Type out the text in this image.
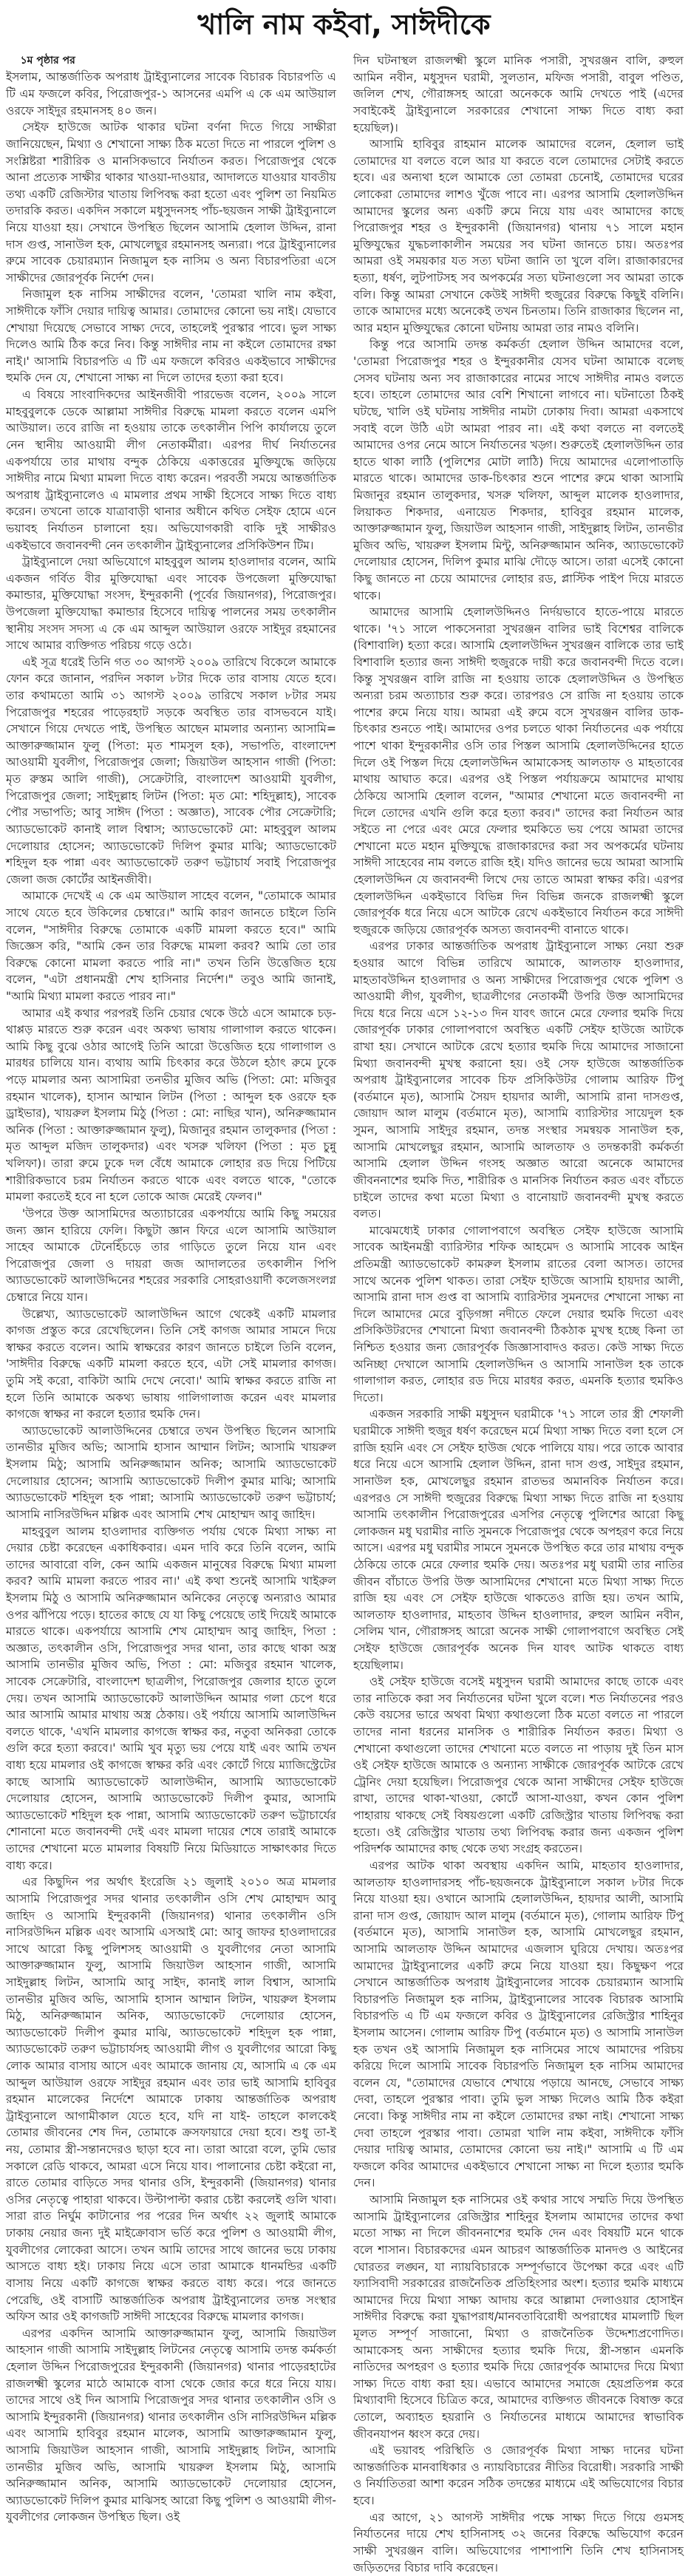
খালি নাম কইবা, সাঈদীকে

১ম পৃষ্ঠার পর

ইসলাম, আন্তর্জাতিক অপরাধ ট্রাইব্যুনালের সাবেক বিচারক বিচারপতি এ টি এম ফজলে কবির, পিরোজপুর-১ আসনের এমপি এ কে এম আউয়াল ওরফে সাইদুর রহমানসহ ৪০ জন।

সেইফ হাউজে আটক থাকার ঘটনা বর্ণনা দিতে গিয়ে সাক্ষীরা জানিয়েছেন, মিথ্যা ও শেখানো সাক্ষ্য ঠিক মতো দিতে না পারলে পুলিশ ও সংশ্লিষ্টরা শারীরিক ও মানসিকভাবে নির্যাতন করত। পিরোজপুর থেকে আনা প্রত্যেক সাক্ষীর থাকার খাওয়া-দাওয়ার, আদালতে যাওয়ার যাবতীয় তথ্য একটি রেজিস্টার খাতায় লিপিবদ্ধ করা হতো এবং পুলিশ তা নিয়মিত তদারকি করত। একদিন সকালে মধুসুদনসহ পাঁচ-ছয়জন সাক্ষী ট্রাইব্যুনালে নিয়ে যাওয়া হয়। সেখানে উপস্থিত ছিলেন আসামি হেলাল উদ্দিন, রানা দাস গুপ্ত, সানাউল হক, মোখলেছুর রহমানসহ অন্যরা। পরে ট্রাইব্যুনালের রুমে সাবেক চেয়ারম্যান নিজামুল হক নাসিম ও অন্য বিচারপতিরা এসে সাক্ষীদের জোরপূর্বক নির্দেশ দেন।

নিজামুল হক নাসিম সাক্ষীদের বলেন, 'তোমরা খালি নাম কইবা, সাঈদীকে ফাঁসি দেয়ার দায়িত্ব আমার। তোমাদের কোনো ভয় নাই। যেভাবে শেখায়া দিয়েছে সেভাবে সাক্ষ্য দেবে, তাহলেই পুরস্কার পাবে। ভুল সাক্ষ্য দিলেও আমি ঠিক করে নিব। কিন্তু সাঈদীর নাম না কইলে তোমাদের রক্ষা নাই।' আসামি বিচারপতি এ টি এম ফজলে কবিরও একইভাবে সাক্ষীদের হুমকি দেন যে, শেখানো সাক্ষ্য না দিলে তাদের হত্যা করা হবে।

এ বিষয়ে সাংবাদিকদের আইনজীবী পারভেজ বলেন, ২০০৯ সালে মাহবুবুলকে ডেকে আল্লামা সাঈদীর বিরুদ্ধে মামলা করতে বলেন এমপি আউয়াল। তবে রাজি না হওয়ায় তাকে তৎকালীন পিপি কার্যালয়ে তুলে নেন স্থানীয় আওয়ামী লীগ নেতাকর্মীরা। এরপর দীর্ঘ নির্যাতনের একপর্যায়ে তার মাথায় বন্দুক ঠেকিয়ে একাত্তরের মুক্তিযুদ্ধে জড়িয়ে সাঈদীর নামে মিথ্যা মামলা দিতে বাধ্য করেন। পরবর্তী সময়ে আন্তর্জাতিক অপরাধ ট্রাইব্যুনালেও এ মামলার প্রথম সাক্ষী হিসেবে সাক্ষ্য দিতে বাধ্য করেন। তখনো তাকে যাত্রাবাড়ী থানার অধীনে কথিত সেইফ হোমে এনে ভয়াবহ নির্যাতন চালানো হয়। অভিযোগকারী বাকি দুই সাক্ষীরও একইভাবে জবানবন্দী নেন তৎকালীন ট্রাইব্যুনালের প্রসিকিউশন টিম।

ট্রাইব্যুনালে দেয়া অভিযোগে মাহবুবুল আলম হাওলাদার বলেন, আমি একজন গর্বিত বীর মুক্তিযোদ্ধা এবং সাবেক উপজেলা মুক্তিযোদ্ধা কমান্ডার, মুক্তিযোদ্ধা সংসদ, ইন্দুরকানী (পূর্বের জিয়ানগর), পিরোজপুর। উপজেলা মুক্তিযোদ্ধা কমান্ডার হিসেবে দায়িত্ব পালনের সময় তৎকালীন স্থানীয় সংসদ সদস্য এ কে এম আব্দুল আউয়াল ওরফে সাইদুর রহমানের সাথে আমার ব্যক্তিগত পরিচয় গড়ে ওঠে।

এই সূত্র ধরেই তিনি গত ৩০ আগস্ট ২০০৯ তারিখে বিকেলে আমাকে ফোন করে জানান, পরদিন সকাল ৮টার দিকে তার বাসায় যেতে হবে। তার কথামতো আমি ৩১ আগস্ট ২০০৯ তারিখে সকাল ৮টার সময় পিরোজপুর শহরের পাড়েরহাট সড়কে অবস্থিত তার বাসভবনে যাই। সেখানে গিয়ে দেখতে পাই, উপস্থিত আছেন মামলার অন্যান্য আসামি= আক্তারুজ্জামান ফুলু (পিতা: মৃত শামসুল হক), সভাপতি, বাংলাদেশ আওয়ামী যুবলীগ, পিরোজপুর জেলা; জিয়াউল আহসান গাজী (পিতা: মৃত রুস্তম আলি গাজী), সেক্রেটারি, বাংলাদেশ আওয়ামী যুবলীগ, পিরোজপুর জেলা; সাইদুল্লাহ লিটন (পিতা: মৃত মো: শহিদুল্লাহ), সাবেক পৌর সভাপতি; আবু সাঈদ (পিতা : অজ্ঞাত), সাবেক পৌর সেক্রেটারি; অ্যাডভোকেট কানাই লাল বিশ্বাস; অ্যাডভোকেট মো: মাহবুবুল আলম দেলোয়ার হোসেন; অ্যাডভোকেট দিলিপ কুমার মাঝি; অ্যাডভোকেট শহিদুল হক পান্না এবং অ্যাডভোকেট তরুণ ভট্টাচার্য সবাই পিরোজপুর জেলা জজ কোর্টের আইনজীবী।

আমাকে দেখেই এ কে এম আউয়াল সাহেব বলেন, "তোমাকে আমার সাথে যেতে হবে উকিলের চেম্বারে।" আমি কারণ জানতে চাইলে তিনি বলেন, "সাঈদীর বিরুদ্ধে তোমাকে একটি মামলা করতে হবে।" আমি জিজ্ঞেস করি, "আমি কেন তার বিরুদ্ধে মামলা করব? আমি তো তার বিরুদ্ধে কোনো মামলা করতে পারি না।" তখন তিনি উত্তেজিত হয়ে বলেন, "এটা প্রধানমন্ত্রী শেখ হাসিনার নির্দেশ।" তবুও আমি জানাই, "আমি মিথ্যা মামলা করতে পারব না।"

আমার এই কথার পরপরই তিনি চেয়ার থেকে উঠে এসে আমাকে চড়-থাপ্পড় মারতে শুরু করেন এবং অকথ্য ভাষায় গালাগাল করতে থাকেন। আমি কিছু বুঝে ওঠার আগেই তিনি আরো উত্তেজিত হয়ে গালাগাল ও মারধর চালিয়ে যান। ব্যথায় আমি চিৎকার করে উঠলে হঠাৎ রুমে ঢুকে পড়ে মামলার অন্য আসামিরা তনভীর মুজিব অভি (পিতা: মো: মজিবুর রহমান খালেক), হাসান আম্মান লিটন (পিতা : আব্দুল হক ওরফে হক ড্রাইভার), খায়রুল ইসলাম মিঠু (পিতা : মো: নাছির খান), অনিরুজ্জামান অনিক (পিতা : আক্তারুজ্জামান ফুলু), মিজানুর রহমান তালুকদার (পিতা : মৃত আব্দুল মজিদ তালুকদার) এবং খসরু খলিফা (পিতা : মৃত চুন্নু খলিফা)। তারা রুমে ঢুকে দল বেঁধে আমাকে লোহার রড দিয়ে পিটিয়ে শারীরিকভাবে চরম নির্যাতন করতে থাকে এবং বলতে থাকে, "তোকে মামলা করতেই হবে না হলে তোকে আজ মেরেই ফেলব।"

'উপরে উক্ত আসামিদের অত্যাচারের একপর্যায়ে আমি কিছু সময়ের জন্য জ্ঞান হারিয়ে ফেলি। কিছুটা জ্ঞান ফিরে এলে আসামি আউয়াল সাহেব আমাকে টেনেহিঁচড়ে তার গাড়িতে তুলে নিয়ে যান এবং পিরোজপুর জেলা ও দায়রা জজ আদালতের তৎকালীন পিপি অ্যাডভোকেট আলাউদ্দিনের শহরের সরকারি সোহরাওয়ার্দী কলেজসংলগ্ন চেম্বারে নিয়ে যান।

উল্লেখ্য, অ্যাডভোকেট আলাউদ্দিন আগে থেকেই একটি মামলার কাগজ প্রস্তুত করে রেখেছিলেন। তিনি সেই কাগজ আমার সামনে দিয়ে স্বাক্ষর করতে বলেন। আমি স্বাক্ষরের কারণ জানতে চাইলে তিনি বলেন, 'সাঈদীর বিরুদ্ধে একটি মামলা করতে হবে, এটা সেই মামলার কাগজ। তুমি সই করো, বাকিটা আমি দেখে নেবো।' আমি স্বাক্ষর করতে রাজি না হলে তিনি আমাকে অকথ্য ভাষায় গালিগালাজ করেন এবং মামলার কাগজে স্বাক্ষর না করলে হত্যার হুমকি দেন।

অ্যাডভোকেট আলাউদ্দিনের চেম্বারে তখন উপস্থিত ছিলেন আসামি তানভীর মুজিব অভি; আসামি হাসান আম্মান লিটন; আসামি খায়রুল ইসলাম মিঠু; আসামি অনিরুজ্জামান অনিক; আসামি অ্যাডভোকেট দেলোয়ার হোসেন; আসামি অ্যাডভোকেট দিলীপ কুমার মাঝি; আসামি অ্যাডভোকেট শহিদুল হক পান্না; আসামি অ্যাডভোকেট তরুণ ভট্টাচার্য; আসামি নাসিরউদ্দিন মল্লিক এবং আসামি শেখ মোহাম্মদ আবু জাহিদ।

মাহবুবুল আলম হাওলাদার ব্যক্তিগত পর্যায় থেকে মিথ্যা সাক্ষ্য না দেয়ার চেষ্টা করেছেন একাধিকবার। এমন দাবি করে তিনি বলেন, আমি তাদের আবারো বলি, কেন আমি একজন মানুষের বিরুদ্ধে মিথ্যা মামলা করব? আমি মামলা করতে পারব না।' এই কথা শুনেই আসামি খাইরুল ইসলাম মিঠু ও আসামি অনিরুজ্জামান অনিকের নেতৃত্বে অন্যরাও আমার ওপর ঝাঁপিয়ে পড়ে। হাতের কাছে যে যা কিছু পেয়েছে তাই দিয়েই আমাকে মারতে থাকে। একপর্যায়ে আসামি শেখ মোহাম্মদ আবু জাহিদ, পিতা : অজ্ঞাত, তৎকালীন ওসি, পিরোজপুর সদর থানা, তার কাছে থাকা অস্ত্র আসামি তানভীর মুজিব অভি, পিতা : মো: মজিবুর রহমান খালেক, সাবেক সেক্রেটারি, বাংলাদেশ ছাত্রলীগ, পিরোজপুর জেলার হাতে তুলে দেয়। তখন আসামি অ্যাডভোকেট আলাউদ্দিন আমার গলা চেপে ধরে আর আসামি আমার মাথায় অস্ত্র ঠেকায়। ওই পর্যায়ে আসামি আলাউদ্দিন বলতে থাকে, 'এখনি মামলার কাগজে স্বাক্ষর কর, নতুবা অনিকরা তোকে গুলি করে হত্যা করবে।' আমি খুব মৃত্যু ভয় পেয়ে যাই এবং আমি তখন বাধ্য হয়ে মামলার ওই কাগজে স্বাক্ষর করি এবং কোর্টে গিয়ে ম্যাজিস্ট্রেটের কাছে আসামি অ্যাডভোকেট আলাউদ্দীন, আসামি অ্যাডভোকেট দেলোয়ার হোসেন, আসামি অ্যাডভোকেট দিলীপ কুমার, আসামি অ্যাডভোকেট শহিদুল হক পান্না, আসামি অ্যাডভোকেট তরুণ ভট্টাচার্যের শোনানো মতে জবানবন্দী দেই এবং মামলা দায়ের শেষে তারাই আমাকে তাদের শেখানো মতে মামলার বিষয়টি নিয়ে মিডিয়াতে সাক্ষাৎকার দিতে বাধ্য করে।

এর কিছুদিন পর অর্থাৎ ইংরেজি ২১ জুলাই ২০১০ অত্র মামলার আসামি পিরোজপুর সদর থানার তৎকালীন ওসি শেখ মোহাম্মদ আবু জাহিদ ও আসামি ইন্দুরকানী (জিয়ানগর) থানার তৎকালীন ওসি নাসিরউদ্দিন মল্লিক এবং আসামি এসআই মো: আবু জাফর হাওলাদারের সাথে আরো কিছু পুলিশসহ আওয়ামী ও যুবলীগের নেতা আসামি আক্তারুজ্জামান ফুলু, আসামি জিয়াউল আহসান গাজী, আসামি সাইদুল্লাহ লিটন, আসামি আবু সাইদ, কানাই লাল বিশ্বাস, আসামি তানভীর মুজিব অভি, আসামি হাসান আম্মান লিটন, খায়রুল ইসলাম মিঠু, অনিরুজ্জামান অনিক, অ্যাডভোকেট দেলোয়ার হোসেন, অ্যাডভোকেট দিলীপ কুমার মাঝি, অ্যাডভোকেট শহিদুল হক পান্না, অ্যাডভোকেট তরুণ ভট্টাচার্যসহ আওয়ামী লীগ ও যুবলীগের আরো কিছু লোক আমার বাসায় আসে এবং আমাকে জানায় যে, আসামি এ কে এম আব্দুল আউয়াল ওরফে সাইদুর রহমান এবং তার ভাই আসামি হাবিবুর রহমান মালেকের নির্দেশে আমাকে ঢাকায় আন্তর্জাতিক অপরাধ ট্রাইব্যুনালে আগামীকাল যেতে হবে, যদি না যাই- তাহলে কালকেই তোমার জীবনের শেষ দিন, তোমাকে ক্রসফায়ারে দেয়া হবে। শুধু তা-ই নয়, তোমার স্ত্রী-সন্তানদেরও ছাড়া হবে না। তারা আরো বলে, তুমি ভোর সকালে রেডি থাকবে, আমরা এসে নিয়ে যাব। পালানোর চেষ্টা কইরো না, রাতে তোমার বাড়িতে সদর থানার ওসি, ইন্দুরকানী (জিয়ানগর) থানার ওসির নেতৃত্বে পাহারা থাকবে। উল্টাপাল্টা করার চেষ্টা করলেই গুলি খাবা। সারা রাত নির্ঘুম কাটানোর পর পরের দিন অর্থাৎ ২২ জুলাই আমাকে ঢাকায় নেয়ার জন্য দুই মাইক্রোবাস ভর্তি করে পুলিশ ও আওয়ামী লীগ, যুবলীগের লোকেরা আসে। তখন আমি তাদের সাথে জানের ভয়ে ঢাকায় আসতে বাধ্য হই। ঢাকায় নিয়ে এসে তারা আমাকে ধানমন্ডির একটি বাসায় নিয়ে একটি কাগজে স্বাক্ষর করতে বাধ্য করে। পরে জানতে পেরেছি, ওই বাসাটি আন্তর্জাতিক অপরাধ ট্রাইব্যুনালের তদন্ত সংস্থার অফিস আর ওই কাগজটি সাঈদী সাহেবের বিরুদ্ধে মামলার কাগজ।

এরপর একদিন আসামি আক্তারুজ্জামান ফুলু, আসামি জিয়াউল আহসান গাজী আসামি সাইদুল্লাহ লিটনের নেতৃত্বে আসামি তদন্ত কর্মকর্তা হেলাল উদ্দিন পিরোজপুরের ইন্দুরকানী (জিয়ানগর) থানার পাড়েরহাটের রাজলক্ষ্মী স্কুলের মাঠে আমাকে বাসা থেকে জোর করে ধরে নিয়ে যায়। তাদের সাথে ওই দিন আসামি পিরোজপুর সদর থানার তৎকালীন ওসি ও আসামি ইন্দুরকানী (জিয়ানগর) থানার তৎকালীন ওসি নাসিরউদ্দিন মল্লিক এবং আসামি হাবিবুর রহমান মালেক, আসামি আক্তারুজ্জামান ফুলু, আসামি জিয়াউল আহসান গাজী, আসামি সাইদুল্লাহ লিটন, আসামি তানভীর মুজিব অভি, আসামি খায়রুল ইসলাম মিঠু, আসামি অনিরুজ্জামান অনিক, আসামি অ্যাডভোকেট দেলোয়ার হোসেন, অ্যাডভোকেট দিলিপ কুমার মাঝিসহ আরো কিছু পুলিশ ও আওয়ামী লীগ-যুবলীগের লোকজন উপস্থিত ছিল। ওই

দিন ঘটনাস্থল রাজলক্ষ্মী স্কুলে মানিক পসারী, সুখরঞ্জন বালি, রুহুল আমিন নবীন, মধুসুদন ঘরামী, সুলতান, মফিজ পসারী, বাবুল পণ্ডিত, জলিল শেখ, গৌরাঙ্গসহ আরো অনেককে আমি দেখতে পাই (এদের সবাইকেই ট্রাইব্যুনালে সরকারের শেখানো সাক্ষ্য দিতে বাধ্য করা হয়েছিল)।

আসামি হাবিবুর রাহমান মালেক আমাদের বলেন, হেলাল ভাই তোমাদের যা বলতে বলে আর যা করতে বলে তোমাদের সেটাই করতে হবে। এর অন্যথা হলে আমাকে তো তোমরা চেনোই, তোমাদের ঘরের লোকেরা তোমাদের লাশও খুঁজে পাবে না। এরপর আসামি হেলালউদ্দিন আমাদের স্কুলের অন্য একটি রুমে নিয়ে যায় এবং আমাদের কাছে পিরোজপুর শহর ও ইন্দুরকানী (জিয়ানগর) থানায় ৭১ সালে মহান মুক্তিযুদ্ধের যুদ্ধচলাকালীন সময়ের সব ঘটনা জানতে চায়। অতঃপর আমরা ওই সময়কার যত সত্য ঘটনা জানি তা খুলে বলি। রাজাকারদের হত্যা, ধর্ষণ, লুটপাটসহ সব অপকর্মের সত্য ঘটনাগুলো সব আমরা তাকে বলি। কিন্তু আমরা সেখানে কেউই সাঈদী হুজুরের বিরুদ্ধে কিছুই বলিনি। তাকে আমাদের মধ্যে অনেকেই তখন চিনতাম। তিনি রাজাকার ছিলেন না, আর মহান মুক্তিযুদ্ধের কোনো ঘটনায় আমরা তার নামও বলিনি।

কিন্তু পরে আসামি তদন্ত কর্মকর্তা হেলাল উদ্দিন আমাদের বলে, 'তোমরা পিরোজপুর শহর ও ইন্দুরকানীর যেসব ঘটনা আমাকে বলেছ সেসব ঘটনায় অন্য সব রাজাকারের নামের সাথে সাঈদীর নামও বলতে হবে। তাহলে তোমাদের আর বেশি শিখানো লাগবে না। ঘটনাতো ঠিকই ঘটছে, খালি ওই ঘটনায় সাঈদীর নামটা ঢোকায় দিবা। আমরা একসাথে সবাই বলে উঠি এটা আমরা পারব না। এই কথা বলতে না বলতেই আমাদের ওপর নেমে আসে নির্যাতনের খড়্গ। শুরুতেই হেলালউদ্দিন তার হাতে থাকা লাঠি (পুলিশের মোটা লাঠি) দিয়ে আমাদের এলোপাতাড়ি মারতে থাকে। আমাদের ডাক-চিৎকার শুনে পাশের রুমে থাকা আসামি মিজানুর রহমান তালুকদার, খসরু খলিফা, আব্দুল মালেক হাওলাদার, লিয়াকত শিকদার, এনায়েত শিকদার, হাবিবুর রহমান মালেক, আক্তারুজ্জামান ফুলু, জিয়াউল আহসান গাজী, সাইদুল্লাহ লিটন, তানভীর মুজিব অভি, খায়রুল ইসলাম মিন্টু, অনিরুজ্জামান অনিক, অ্যাডভোকেট দেলোয়ার হোসেন, দিলিপ কুমার মাঝি দৌড়ে আসে। তারা এসেই কোনো কিছু জানতে না চেয়ে আমাদের লোহার রড, প্লাস্টিক পাইপ দিয়ে মারতে থাকে।

আমাদের আসামি হেলালউদ্দিনও নির্দয়ভাবে হাতে-পায়ে মারতে থাকে। '৭১ সালে পাকসেনারা সুখরঞ্জন বালির ভাই বিশেশ্বর বালিকে (বিশাবালি) হত্যা করে। আসামি হেলালউদ্দিন সুখরঞ্জন বালিকে তার ভাই বিশাবালি হত্যার জন্য সাঈদী হুজুরকে দায়ী করে জবানবন্দী দিতে বলে। কিন্তু সুখরঞ্জন বালি রাজি না হওয়ায় তাকে হেলালউদ্দিন ও উপস্থিত অন্যরা চরম অত্যাচার শুরু করে। তারপরও সে রাজি না হওয়ায় তাকে পাশের রুমে নিয়ে যায়। আমরা এই রুমে বসে সুখরঞ্জন বালির ডাক-চিৎকার শুনতে পাই। আমাদের ওপর চলতে থাকা নির্যাতনের এক পর্যায়ে পাশে থাকা ইন্দুরকানীর ওসি তার পিস্তল আসামি হেলালউদ্দিনের হাতে দিলে ওই পিস্তল দিয়ে হেলালউদ্দিন আমাকেসহ আলতাফ ও মাহতাবের মাথায় আঘাত করে। এরপর ওই পিস্তল পর্যায়ক্রমে আমাদের মাথায় ঠেকিয়ে আসামি হেলাল বলেন, "আমার শেখানো মতে জবানবন্দী না দিলে তোদের এখনি গুলি করে হত্যা করব।" তাদের করা নির্যাতন আর সইতে না পেরে এবং মেরে ফেলার হুমকিতে ভয় পেয়ে আমরা তাদের শেখানো মতে মহান মুক্তিযুদ্ধে রাজাকারদের করা সব অপকর্মের ঘটনায় সাঈদী সাহেবের নাম বলতে রাজি হই। যদিও জানের ভয়ে আমরা আসামি হেলালউদ্দিন যে জবানবন্দী লিখে দেয় তাতে আমরা স্বাক্ষর করি। এরপর হেলালউদ্দিন একইভাবে বিভিন্ন দিন বিভিন্ন জনকে রাজলক্ষ্মী স্কুলে জোরপূর্বক ধরে নিয়ে এসে আটকে রেখে একইভাবে নির্যাতন করে সাঈদী হুজুরকে জড়িয়ে জোরপূর্বক অসত্য জবানবন্দী বানাতে থাকে।

এরপর ঢাকার আন্তর্জাতিক অপরাধ ট্রাইব্যুনালে সাক্ষ্য নেয়া শুরু হওয়ার আগে বিভিন্ন তারিখে আমাকে, আলতাফ হাওলাদার, মাহতাবউদ্দিন হাওলাদার ও অন্য সাক্ষীদের পিরোজপুর থেকে পুলিশ ও আওয়ামী লীগ, যুবলীগ, ছাত্রলীগের নেতাকর্মী উপরি উক্ত আসামিদের দিয়ে ধরে নিয়ে এসে ১২-১৩ দিন যাবৎ জানে মেরে ফেলার হুমকি দিয়ে জোরপূর্বক ঢাকার গোলাপবাগে অবস্থিত একটি সেইফ হাউজে আটকে রাখা হয়। সেখানে আটকে রেখে হত্যার হুমকি দিয়ে আমাদের সাজানো মিথ্যা জবানবন্দী মুখস্থ করানো হয়। ওই সেফ হাউজে আন্তর্জাতিক অপরাধ ট্রাইব্যুনালের সাবেক চিফ প্রসিকিউটর গোলাম আরিফ টিপু (বর্তমানে মৃত), আসামি সৈয়দ হায়দার আলী, আসামি রানা দাসগুপ্ত, জোয়াদ আল মালুম (বর্তমানে মৃত), আসামি ব্যারিস্টার সায়েদুল হক সুমন, আসামি সাইদুর রহমান, তদন্ত সংস্থার সমন্বয়ক সানাউল হক, আসামি মোখলেছুর রহমান, আসামি আলতাফ ও তদন্তকারী কর্মকর্তা আসামি হেলাল উদ্দিন গংসহ অজ্ঞাত আরো অনেকে আমাদের জীবননাশের হুমকি দিত, শারীরিক ও মানসিক নির্যাতন করত এবং বাঁচতে চাইলে তাদের কথা মতো মিথ্যা ও বানোয়াট জবানবন্দী মুখস্থ করতে বলত।

মাঝেমধ্যেই ঢাকার গোলাপবাগে অবস্থিত সেইফ হাউজে আসামি সাবেক আইনমন্ত্রী ব্যারিস্টার শফিক আহমেদ ও আসামি সাবেক আইন প্রতিমন্ত্রী অ্যাডভোকেট কামরুল ইসলাম রাতের বেলা আসত। তাদের সাথে অনেক পুলিশ থাকত। তারা সেইফ হাউজে আসামি হায়দার আলী, আসামি রানা দাস গুপ্ত বা আসামি ব্যারিস্টার সুমনদের শেখানো সাক্ষ্য না দিলে আমাদের মেরে বুড়িগঙ্গা নদীতে ফেলে দেয়ার হুমকি দিতো এবং প্রসিকিউটরদের শেখানো মিথ্যা জবানবন্দী ঠিকঠাক মুখস্থ হচ্ছে কিনা তা নিশ্চিত হওয়ার জন্য জোরপূর্বক জিজ্ঞাসাবাদও করত। কেউ সাক্ষ্য দিতে অনিচ্ছা দেখালে আসামি হেলালউদ্দিন ও আসামি সানাউল হক তাকে গালাগাল করত, লোহার রড দিয়ে মারধর করত, এমনকি হত্যার হুমকিও দিতো।

একজন সরকারি সাক্ষী মধুসুদন ঘরামীকে '৭১ সালে তার স্ত্রী শেফালী ঘরামীকে সাঈদী হুজুর ধর্ষণ করেছেন মর্মে মিথ্যা সাক্ষ্য দিতে বলা হলে সে রাজি হয়নি এবং সে সেইফ হাউজ থেকে পালিয়ে যায়। পরে তাকে আবার ধরে নিয়ে এসে আসামি হেলাল উদ্দিন, রানা দাস গুপ্ত, সাইদুর রহমান, সানাউল হক, মোখলেছুর রহমান রাতভর অমানবিক নির্যাতন করে। এরপরও সে সাঈদী হুজুরের বিরুদ্ধে মিথ্যা সাক্ষ্য দিতে রাজি না হওয়ায় আসামি তৎকালীন পিরোজপুরের এসপির নেতৃত্বে পুলিশের আরো কিছু লোকজন মধু ঘরামীর নাতি সুমনকে পিরোজপুর থেকে অপহরণ করে নিয়ে আসে। এরপর মধু ঘরামীর সামনে সুমনকে উপস্থিত করে তার মাথায় বন্দুক ঠেকিয়ে তাকে মেরে ফেলার হুমকি দেয়। অতঃপর মধু ঘরামী তার নাতির জীবন বাঁচাতে উপরি উক্ত আসামিদের শেখানো মতে মিথ্যা সাক্ষ্য দিতে রাজি হয় এবং সে সেইফ হাউজে থাকতেও রাজি হয়। তখন আমি, আলতাফ হাওলাদার, মাহতাব উদ্দিন হাওলাদার, রুহুল আমিন নবীন, সেলিম খান, গৌরাঙ্গসহ আরো অনেক সাক্ষী গোলাপবাগে অবস্থিত সেই সেইফ হাউজে জোরপূর্বক অনেক দিন যাবৎ আটক থাকতে বাধ্য হয়েছিলাম।

ওই সেইফ হাউজে বসেই মধুসুদন ঘরামী আমাদের কাছে তাকে এবং তার নাতিকে করা সব নির্যাতনের ঘটনা খুলে বলে। শত নির্যাতনের পরও কেউ বয়সের ভারে অথবা মিথ্যা কথাগুলো ঠিক মতো বলতে না পারলে তাদের নানা ধরনের মানসিক ও শারীরিক নির্যাতন করত। মিথ্যা ও শেখানো কথাগুলো তাদের শেখানো মতে বলতে না পাড়ায় দুই তিন মাস ওই সেইফ হাউজে আমাকে ও অন্যান্য সাক্ষীকে জোরপূর্বক আটকে রেখে ট্রেনিং দেয়া হয়েছিল। পিরোজপুর থেকে আনা সাক্ষীদের সেইফ হাউজে রাখা, তাদের থাকা-খাওয়া, কোর্টে আসা-যাওয়া, কখন কোন পুলিশ পাহারায় থাকছে সেই বিষয়গুলো একটি রেজিস্ট্রার খাতায় লিপিবদ্ধ করা হতো। ওই রেজিস্ট্রার খাতায় তথ্য লিপিবদ্ধ করার জন্য একজন পুলিশ পরিদর্শক আমাদের কাছ থেকে তথ্য সংগ্রহ করতেন।

এরপর আটক থাকা অবস্থায় একদিন আমি, মাহতাব হাওলাদার, আলতাফ হাওলাদারসহ পাঁচ-ছয়জনকে ট্রাইব্যুনালে সকাল ৮টার দিকে নিয়ে যাওয়া হয়। ওখানে আসামি হেলালউদ্দিন, হায়দার আলী, আসামি রানা দাস গুপ্ত, জোয়াদ আল মালুম (বর্তমানে মৃত), গোলাম আরিফ টিপু (বর্তমানে মৃত), আসামি সানাউল হক, আসামি মোখলেছুর রহমান, আসামি আলতাফ উদ্দিন আমাদের এজলাস ঘুরিয়ে দেখায়। অতঃপর আমাদের ট্রাইব্যুনালের একটি রুমে নিয়ে যাওয়া হয়। কিছুক্ষণ পরে সেখানে আন্তর্জাতিক অপরাধ ট্রাইব্যুনালের সাবেক চেয়ারম্যান আসামি বিচারপতি নিজামুল হক নাসিম, ট্রাইব্যুনালের সাবেক বিচারক আসামি বিচারপতি এ টি এম ফজলে কবির ও ট্রাইব্যুনালের রেজিস্ট্রার শাহিনুর ইসলাম আসেন। গোলাম আরিফ টিপু (বর্তমানে মৃত) ও আসামি সানাউল হক তখন ওই আসামি নিজামুল হক নাসিমের সাথে আমাদের পরিচয় করিয়ে দিলে আসামি সাবেক বিচারপতি নিজামুল হক নাসিম আমাদের বলেন যে, "তোমাদের যেভাবে শেখায়ে পড়ায়ে আনছে, সেভাবে সাক্ষ্য দেবা, তাহলে পুরস্কার পাবা। তুমি ভুল সাক্ষ্য দিলেও আমি ঠিক কইরা নেবো। কিন্তু সাঈদীর নাম না কইলে তোমাদের রক্ষা নাই। শেখানো সাক্ষ্য দেবা তাহলে পুরস্কার পাবা। তোমরা খালি নাম কইবা, সাঈদীকে ফাঁসি দেয়ার দায়িত্ব আমার, তোমাদের কোনো ভয় নাই।" আসামি এ টি এম ফজলে কবির আমাদের একইভাবে শেখানো সাক্ষ্য না দিলে হত্যার হুমকি দেন।

আসামি নিজামুল হক নাসিমের ওই কথার সাথে সম্মতি দিয়ে উপস্থিত আসামি ট্রাইব্যুনালের রেজিস্ট্রার শাহিনুর ইসলাম আমাদের তাদের কথা মতো সাক্ষ্য না দিলে জীবননাশের হুমকি দেন এবং বিষয়টি মনে থাকে বলে শাসান। বিচারকদের এমন আচরণ আন্তর্জাতিক মানদণ্ড ও আইনের ঘোরতর লঙ্ঘন, যা ন্যায়বিচারকে সম্পূর্ণভাবে উপেক্ষা করে এবং এটি ফ্যাসিবাদী সরকারের রাজনৈতিক প্রতিহিংসার অংশ। হত্যার হুমকি মাধ্যমে আমাদের দিয়ে মিথ্যা সাক্ষ্য আদায় করে আল্লামা দেলাওয়ার হোসাইন সাঈদীর বিরুদ্ধে করা যুদ্ধাপরাধ/মানবতাবিরোধী অপরাধের মামলাটি ছিল মূলত সম্পূর্ণ সাজানো, মিথ্যা ও রাজনৈতিক উদ্দেশ্যপ্রণোদিত। আমাকেসহ অন্য সাক্ষীদের হত্যার হুমকি দিয়ে, স্ত্রী-সন্তান এমনকি নাতিদের অপহরণ ও হত্যার হুমকি দিয়ে জোরপূর্বক আমাদের দিয়ে মিথ্যা সাক্ষ্য দিতে বাধ্য করা হয়। এভাবে আমাদের সমাজে হেয়প্রতিপন্ন করে মিথ্যাবাদী হিসেবে চিত্রিত করে, আমাদের ব্যক্তিগত জীবনকে বিষাক্ত করে তোলে, অব্যাহত হয়রানি ও নির্যাতনের মাধ্যমে আমাদের স্বাভাবিক জীবনযাপন ধ্বংস করে দেয়।

এই ভয়াবহ পরিস্থিতি ও জোরপূর্বক মিথ্যা সাক্ষ্য দানের ঘটনা আন্তর্জাতিক মানবাধিকার ও ন্যায়বিচারের নীতির বিরোধী। সরকারি সাক্ষী ও নির্যাতিতরা আশা করেন সঠিক তদন্তের মাধ্যমে এই অভিযোগের বিচার হবে।

এর আগে, ২১ আগস্ট সাঈদীর পক্ষে সাক্ষ্য দিতে গিয়ে গুমসহ নির্যাতনের দায়ে শেখ হাসিনাসহ ৩২ জনের বিরুদ্ধে অভিযোগ করেন সাক্ষী সুখরঞ্জন বালি। অভিযোগের পাশাপাশি তিনি শেখ হাসিনাসহ জড়িতদের বিচার দাবি করেছেন।
